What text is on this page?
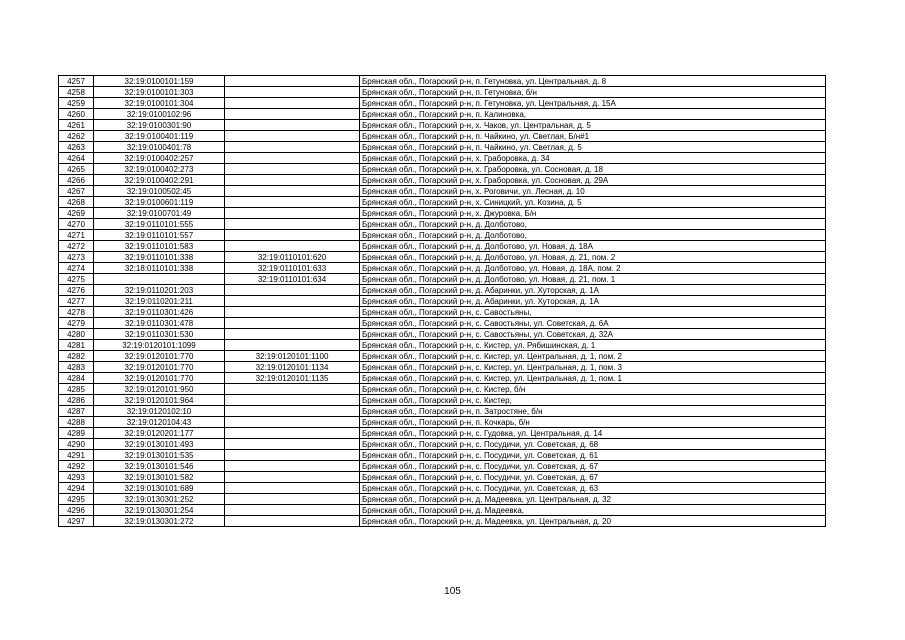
4257	32:19:0100101:159		Брянская обл., Погарский р-н, п. Гетуновка, ул. Центральная, д. 8
4258	32:19:0100101:303		Брянская обл., Погарский р-н, п. Гетуновка, б/н
4259	32:19:0100101:304		Брянская обл., Погарский р-н, п. Гетуновка, ул. Центральная, д. 15А
4260	32:19:0100102:96		Брянская обл., Погарский р-н, п. Калиновка,
4261	32:19:0100301:90		Брянская обл., Погарский р-н, х. Чаков, ул. Центральная, д. 5
4262	32:19:0100401:119		Брянская обл., Погарский р-н, п. Чайкино, ул. Светлая, Б/н#1
4263	32:19:0100401:78		Брянская обл., Погарский р-н, п. Чайкино, ул. Светлая, д. 5
4264	32:19:0100402:257		Брянская обл., Погарский р-н, х. Граборовка, д. 34
4265	32:19:0100402:273		Брянская обл., Погарский р-н, х. Граборовка, ул. Сосновая, д. 18
4266	32:19:0100402:291		Брянская обл., Погарский р-н, х. Граборовка, ул. Сосновая, д. 29А
4267	32:19:0100502:45		Брянская обл., Погарский р-н, х. Роговичи, ул. Лесная, д. 10
4268	32:19:0100601:119		Брянская обл., Погарский р-н, х. Синицкий, ул. Козина, д. 5
4269	32:19:0100701:49		Брянская обл., Погарский р-н, х. Джуровка, Б/н
4270	32:19:0110101:555		Брянская обл., Погарский р-н, д. Долботово,
4271	32:19:0110101:557		Брянская обл., Погарский р-н, д. Долботово,
4272	32:19:0110101:583		Брянская обл., Погарский р-н, д. Долботово, ул. Новая, д. 18А
4273	32:19:0110101:338	32:19:0110101:620	Брянская обл., Погарский р-н, д. Долботово, ул. Новая, д. 21, пом. 2
4274	32:18:0110101:338	32:19:0110101:633	Брянская обл., Погарский р-н, д. Долботово, ул. Новая, д. 18А, пом. 2
4275		32:19:0110101:634	Брянская обл., Погарский р-н, д. Долботово, ул. Новая, д. 21, пом. 1
4276	32:19:0110201:203		Брянская обл., Погарский р-н, д. Абаринки, ул. Хуторская, д. 1А
4277	32:19:0110201:211		Брянская обл., Погарский р-н, д. Абаринки, ул. Хуторская, д. 1А
4278	32:19:0110301:426		Брянская обл., Погарский р-н, с. Савостьяны,
4279	32:19:0110301:478		Брянская обл., Погарский р-н, с. Савостьяны, ул. Советская, д. 6А
4280	32:19:0110301:530		Брянская обл., Погарский р-н, с. Савостьяны, ул. Советская, д. 32А
4281	32:19:0120101:1099		Брянская обл., Погарский р-н, с. Кистер, ул. Рябишинская, д. 1
4282	32:19:0120101:770	32:19:0120101:1100	Брянская обл., Погарский р-н, с. Кистер, ул. Центральная, д. 1, пом. 2
4283	32:19:0120101:770	32:19:0120101:1134	Брянская обл., Погарский р-н, с. Кистер, ул. Центральная, д. 1, пом. 3
4284	32:19:0120101:770	32:19:0120101:1135	Брянская обл., Погарский р-н, с. Кистер, ул. Центральная, д. 1, пом. 1
4285	32:19:0120101:950		Брянская обл., Погарский р-н, с. Кистер, б/н
4286	32:19:0120101:964		Брянская обл., Погарский р-н, с. Кистер,
4287	32:19:0120102:10		Брянская обл., Погарский р-н, п. Затростяне, б/н
4288	32:19:0120104:43		Брянская обл., Погарский р-н, п. Кочкарь, б/н
4289	32:19:0120201:177		Брянская обл., Погарский р-н, с. Гудовка, ул. Центральная, д. 14
4290	32:19:0130101:493		Брянская обл., Погарский р-н, с. Посудичи, ул. Советская, д. 68
4291	32:19:0130101:535		Брянская обл., Погарский р-н, с. Посудичи, ул. Советская, д. 61
4292	32:19:0130101:546		Брянская обл., Погарский р-н, с. Посудичи, ул. Советская, д. 67
4293	32:19:0130101:582		Брянская обл., Погарский р-н, с. Посудичи, ул. Советская, д. 67
4294	32:19:0130101:689		Брянская обл., Погарский р-н, с. Посудичи, ул. Советская, д. 63
4295	32:19:0130301:252		Брянская обл., Погарский р-н, д. Мадеевка, ул. Центральная, д. 32
4296	32:19:0130301:254		Брянская обл., Погарский р-н, д. Мадеевка,
4297	32:19:0130301:272		Брянская обл., Погарский р-н, д. Мадеевка, ул. Центральная, д. 20
105
